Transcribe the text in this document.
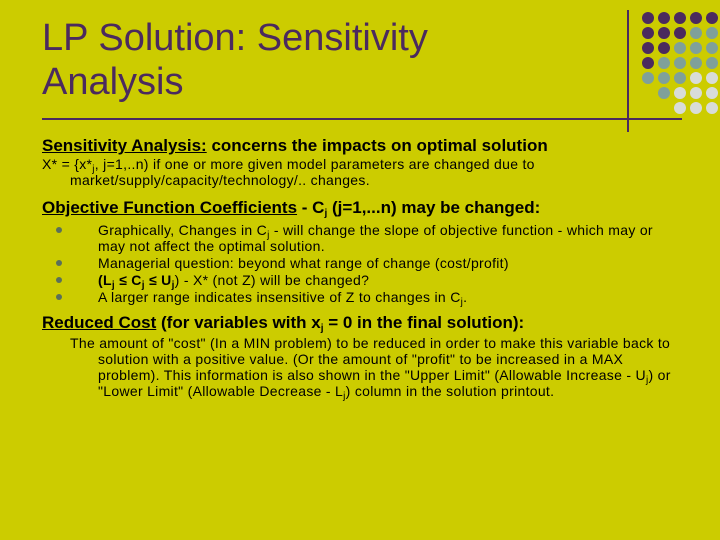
LP Solution: Sensitivity
Analysis

Sensitivity Analysis: concerns the impacts on optimal solution

$X* = \{x*_j$, j=1,..n) if one or more given model parameters are changed due to market/supply/capacity/technology/.. changes.

Objective Function Coefficients - $C_j$ (j=1,...n) may be changed:

Graphically, Changes in $C_j$ - will change the slope of objective function - which may or may not affect the optimal solution.
Managerial question: beyond what range of change (cost/profit)
$(L_j \le C_j \le U_j) - X*$ (not Z) will be changed?
A larger range indicates insensitive of Z to changes in $C_j$.

Reduced Cost (for variables with $x_j = 0$ in the final solution):

The amount of "cost" (In a MIN problem) to be reduced in order to make this variable back to solution with a positive value. (Or the amount of "profit" to be increased in a MAX problem). This information is also shown in the "Upper Limit" (Allowable Increase - $U_j$) or "Lower Limit" (Allowable Decrease - $L_j$) column in the solution printout.
